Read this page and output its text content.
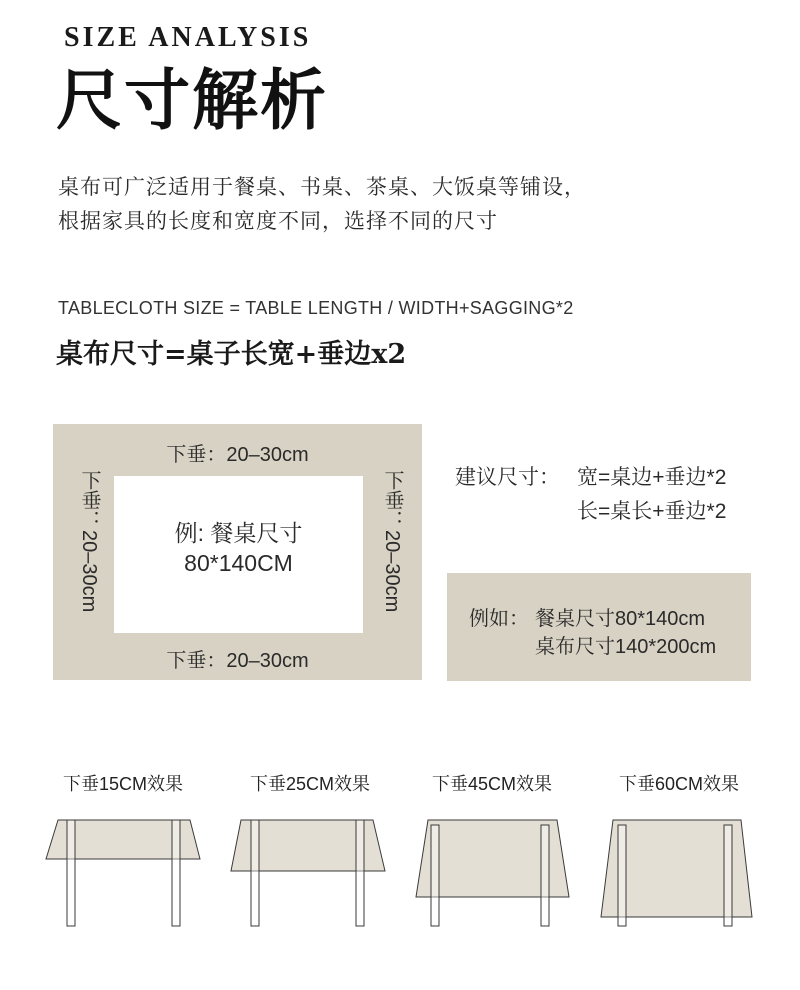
SIZE ANALYSIS
尺寸解析
桌布可广泛适用于餐桌、书桌、茶桌、大饭桌等铺设，
根据家具的长度和宽度不同，选择不同的尺寸
TABLECLOTH SIZE = TABLE LENGTH / WIDTH+SAGGING*2
桌布尺寸=桌子长宽+垂边x2
下垂：20–30cm
下垂：20–30cm	例: 餐桌尺寸
80*140CM	下垂：20–30cm
下垂：20–30cm
建议尺寸： 宽=桌边+垂边*2
长=桌长+垂边*2
例如： 餐桌尺寸80*140cm
桌布尺寸140*200cm
下垂15CM效果	下垂25CM效果	下垂45CM效果	下垂60CM效果
